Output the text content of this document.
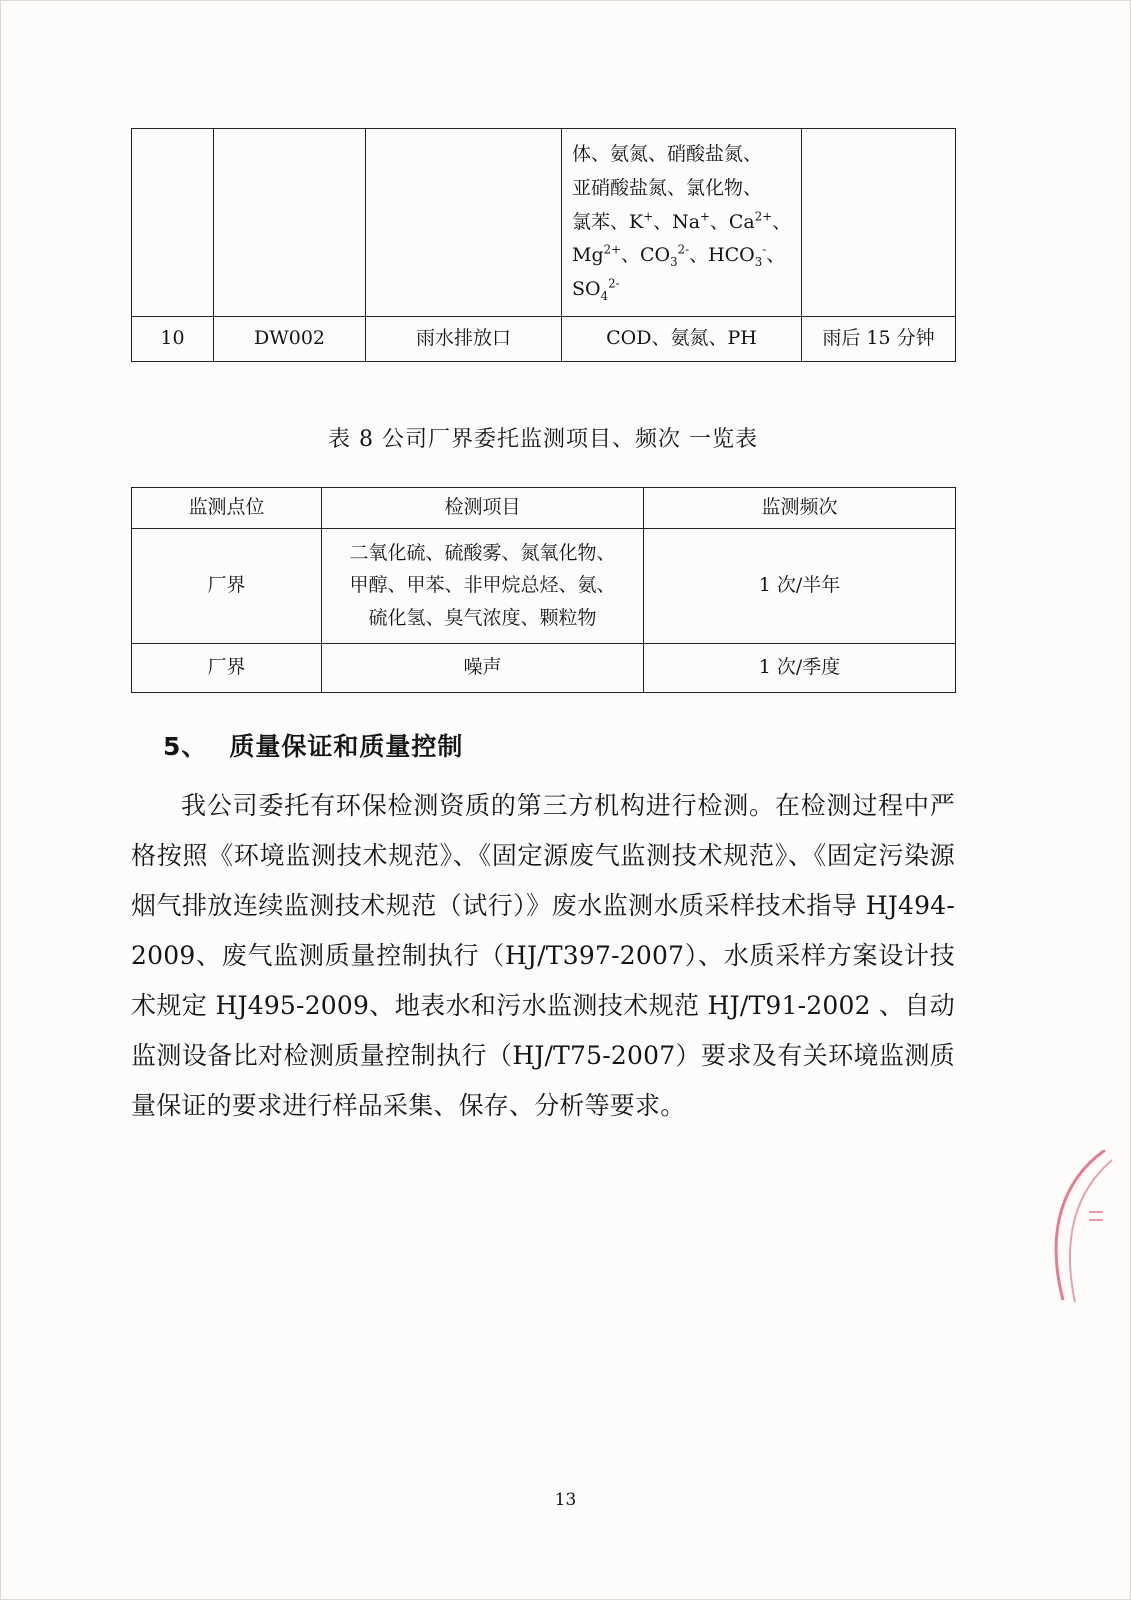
			体、氨氮、硝酸盐氮、
亚硝酸盐氮、氯化物、
氯苯、K+、Na+、$Ca^{2+}$、
$Mg^{2+}$、$CO_3^{2-}$、$HCO_3^-$、$SO_4^{2-}$	
10	DW002	雨水排放口	COD、氨氮、PH	雨后 15 分钟
表 8 公司厂界委托监测项目、频次 一览表
监测点位	检测项目	监测频次
厂界	二氧化硫、硫酸雾、氮氧化物、
甲醇、甲苯、非甲烷总烃、氨、
硫化氢、臭气浓度、颗粒物	1 次/半年
厂界	噪声	1 次/季度
5、 质量保证和质量控制

我公司委托有环保检测资质的第三方机构进行检测。在检测过程中严格按照《环境监测技术规范》、《固定源废气监测技术规范》、《固定污染源烟气排放连续监测技术规范（试行）》废水监测水质采样技术指导 HJ494-2009、废气监测质量控制执行（HJ/T397-2007）、水质采样方案设计技术规定 HJ495-2009、地表水和污水监测技术规范 HJ/T91-2002 、自动监测设备比对检测质量控制执行（HJ/T75-2007）要求及有关环境监测质量保证的要求进行样品采集、保存、分析等要求。

13
